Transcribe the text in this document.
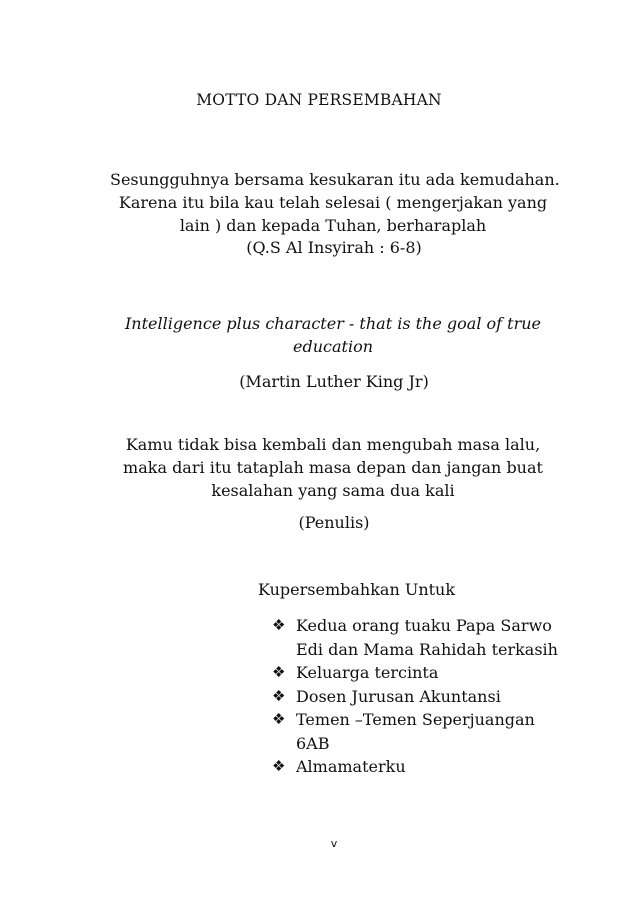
MOTTO DAN PERSEMBAHAN
Sesungguhnya bersama kesukaran itu ada kemudahan.
Karena itu bila kau telah selesai ( mengerjakan yang
lain ) dan kepada Tuhan, berharaplah
(Q.S Al Insyirah : 6-8)
Intelligence plus character - that is the goal of true
education
(Martin Luther King Jr)
Kamu tidak bisa kembali dan mengubah masa lalu,
maka dari itu tataplah masa depan dan jangan buat
kesalahan yang sama dua kali
(Penulis)
Kupersembahkan Untuk
❖ Kedua orang tuaku Papa Sarwo Edi dan Mama Rahidah terkasih
❖ Keluarga tercinta
❖ Dosen Jurusan Akuntansi
❖ Temen –Temen Seperjuangan 6AB
❖ Almamaterku
v
